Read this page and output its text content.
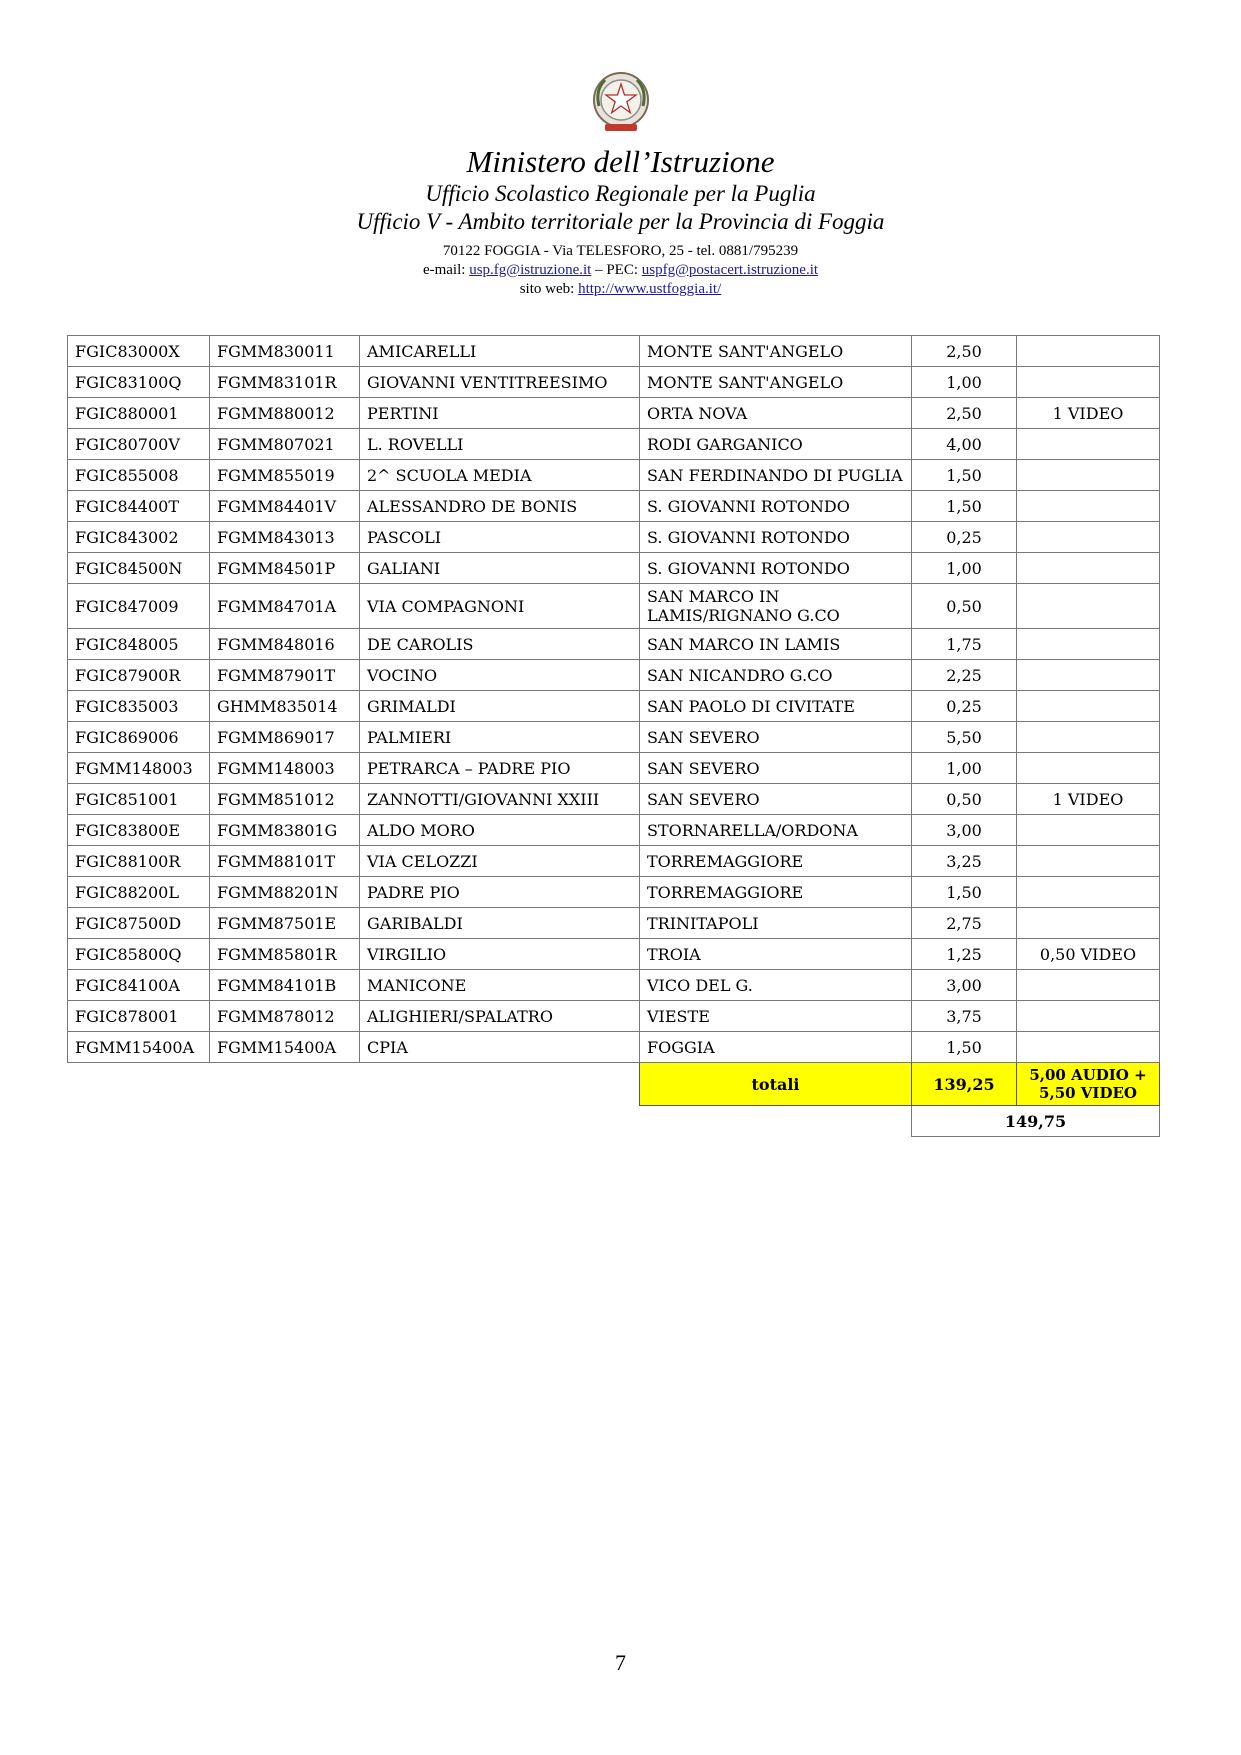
Ministero dell’Istruzione
Ufficio Scolastico Regionale per la Puglia
Ufficio V - Ambito territoriale per la Provincia di Foggia
70122 FOGGIA - Via TELESFORO, 25 - tel. 0881/795239
e-mail: usp.fg@istruzione.it – PEC: uspfg@postacert.istruzione.it
sito web: http://www.ustfoggia.it/
FGIC83000X	FGMM830011	AMICARELLI	MONTE SANT'ANGELO	2,50	
FGIC83100Q	FGMM83101R	GIOVANNI VENTITREESIMO	MONTE SANT'ANGELO	1,00	
FGIC880001	FGMM880012	PERTINI	ORTA NOVA	2,50	1 VIDEO
FGIC80700V	FGMM807021	L. ROVELLI	RODI GARGANICO	4,00	
FGIC855008	FGMM855019	2^ SCUOLA MEDIA	SAN FERDINANDO DI PUGLIA	1,50	
FGIC84400T	FGMM84401V	ALESSANDRO DE BONIS	S. GIOVANNI ROTONDO	1,50	
FGIC843002	FGMM843013	PASCOLI	S. GIOVANNI ROTONDO	0,25	
FGIC84500N	FGMM84501P	GALIANI	S. GIOVANNI ROTONDO	1,00	
FGIC847009	FGMM84701A	VIA COMPAGNONI	SAN MARCO IN LAMIS/RIGNANO G.CO	0,50	
FGIC848005	FGMM848016	DE CAROLIS	SAN MARCO IN LAMIS	1,75	
FGIC87900R	FGMM87901T	VOCINO	SAN NICANDRO G.CO	2,25	
FGIC835003	GHMM835014	GRIMALDI	SAN PAOLO DI CIVITATE	0,25	
FGIC869006	FGMM869017	PALMIERI	SAN SEVERO	5,50	
FGMM148003	FGMM148003	PETRARCA – PADRE PIO	SAN SEVERO	1,00	
FGIC851001	FGMM851012	ZANNOTTI/GIOVANNI XXIII	SAN SEVERO	0,50	1 VIDEO
FGIC83800E	FGMM83801G	ALDO MORO	STORNARELLA/ORDONA	3,00	
FGIC88100R	FGMM88101T	VIA CELOZZI	TORREMAGGIORE	3,25	
FGIC88200L	FGMM88201N	PADRE PIO	TORREMAGGIORE	1,50	
FGIC87500D	FGMM87501E	GARIBALDI	TRINITAPOLI	2,75	
FGIC85800Q	FGMM85801R	VIRGILIO	TROIA	1,25	0,50 VIDEO
FGIC84100A	FGMM84101B	MANICONE	VICO DEL G.	3,00	
FGIC878001	FGMM878012	ALIGHIERI/SPALATRO	VIESTE	3,75	
FGMM15400A	FGMM15400A	CPIA	FOGGIA	1,50	
			totali	139,25	5,00 AUDIO +
5,50 VIDEO

				149,75	
7
